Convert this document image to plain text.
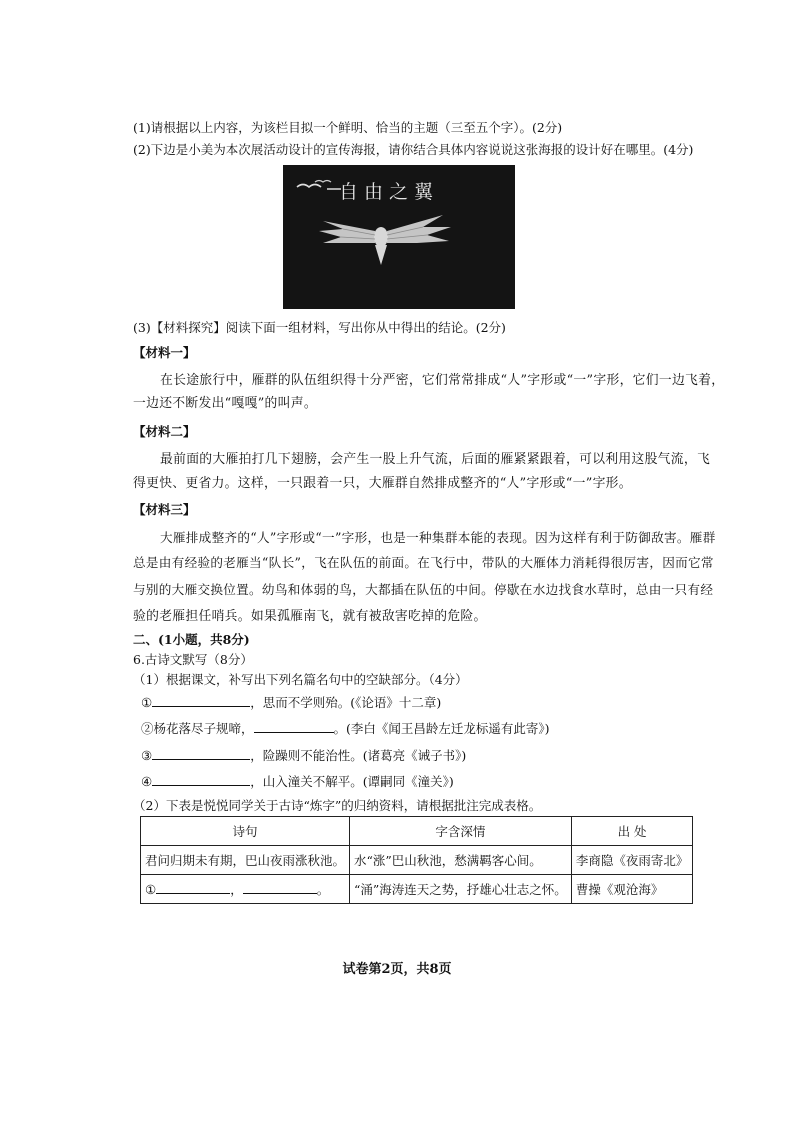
(1)请根据以上内容，为该栏目拟一个鲜明、恰当的主题（三至五个字）。(2分)
(2)下边是小美为本次展活动设计的宣传海报，请你结合具体内容说说这张海报的设计好在哪里。(4分)
自由之翼
(3)【材料探究】阅读下面一组材料，写出你从中得出的结论。(2分)
【材料一】
在长途旅行中，雁群的队伍组织得十分严密，它们常常排成“人”字形或“一”字形，它们一边飞着，
一边还不断发出“嘎嘎”的叫声。
【材料二】
最前面的大雁拍打几下翅膀，会产生一股上升气流，后面的雁紧紧跟着，可以利用这股气流，飞
得更快、更省力。这样，一只跟着一只，大雁群自然排成整齐的“人”字形或“一”字形。
【材料三】
大雁排成整齐的“人”字形或“一”字形，也是一种集群本能的表现。因为这样有利于防御敌害。雁群
总是由有经验的老雁当“队长”，飞在队伍的前面。在飞行中，带队的大雁体力消耗得很厉害，因而它常
与别的大雁交换位置。幼鸟和体弱的鸟，大都插在队伍的中间。停歇在水边找食水草时，总由一只有经
验的老雁担任哨兵。如果孤雁南飞，就有被敌害吃掉的危险。
二、(1小题，共8分)
6.古诗文默写（8分）
（1）根据课文，补写出下列名篇名句中的空缺部分。（4分）
①	，思而不学则殆。(《论语》十二章)
②杨花落尽子规啼，	。(李白《闻王昌龄左迁龙标遥有此寄》)
③	，险躁则不能治性。(诸葛亮《诫子书》)
④	，山入潼关不解平。(谭嗣同《潼关》)
（2）下表是悦悦同学关于古诗“炼字”的归纳资料，请根据批注完成表格。
诗句	字含深情	出 处
君问归期未有期，巴山夜雨涨秋池。	水“涨”巴山秋池，愁满羁客心间。	李商隐《夜雨寄北》
① ， 。	“涌”海涛连天之势，抒雄心壮志之怀。	曹操《观沧海》
试卷第2页，共8页
